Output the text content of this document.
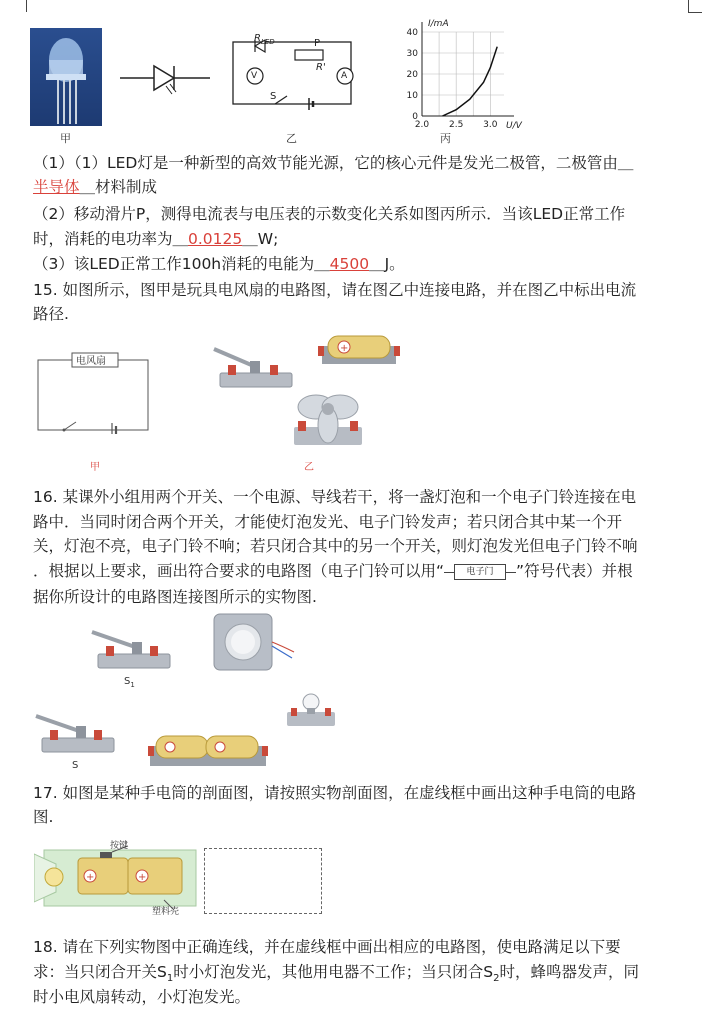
甲
$R_{LED}$	P
R'
V	A
S
乙
0
10
20
30
40
2.0 2.5 3.0 U/V
I/mA
丙
（1）（1）LED灯是一种新型的高效节能光源，它的核心元件是发光二极管，二极管由＿
半导体＿材料制成
（2）移动滑片P，测得电流表与电压表的示数变化关系如图丙所示．当该LED正常工作
时，消耗的电功率为＿0.0125＿W;
（3）该LED正常工作100h消耗的电能为＿4500＿J。
15. 如图所示，图甲是玩具电风扇的电路图，请在图乙中连接电路，并在图乙中标出电流
路径.
电风扇
甲
+
乙
16. 某课外小组用两个开关、一个电源、导线若干，将一盏灯泡和一个电子门铃连接在电
路中．当同时闭合两个开关，才能使灯泡发光、电子门铃发声；若只闭合其中某一个开
关，灯泡不亮，电子门铃不响；若只闭合其中的另一个开关，则灯泡发光但电子门铃不响
．根据以上要求，画出符合要求的电路图（电子门铃可以用“	电子门	”符号代表）并根
据你所设计的电路图连接图所示的实物图.
$S_1$
S
17. 如图是某种手电筒的剖面图，请按照实物剖面图，在虚线框中画出这种手电筒的电路
图.
+	+
按键
塑料壳
18. 请在下列实物图中正确连线，并在虚线框中画出相应的电路图，使电路满足以下要
求：当只闭合开关$S_1$时小灯泡发光，其他用电器不工作；当只闭合$S_2$时，蜂鸣器发声，同
时小电风扇转动，小灯泡发光。
